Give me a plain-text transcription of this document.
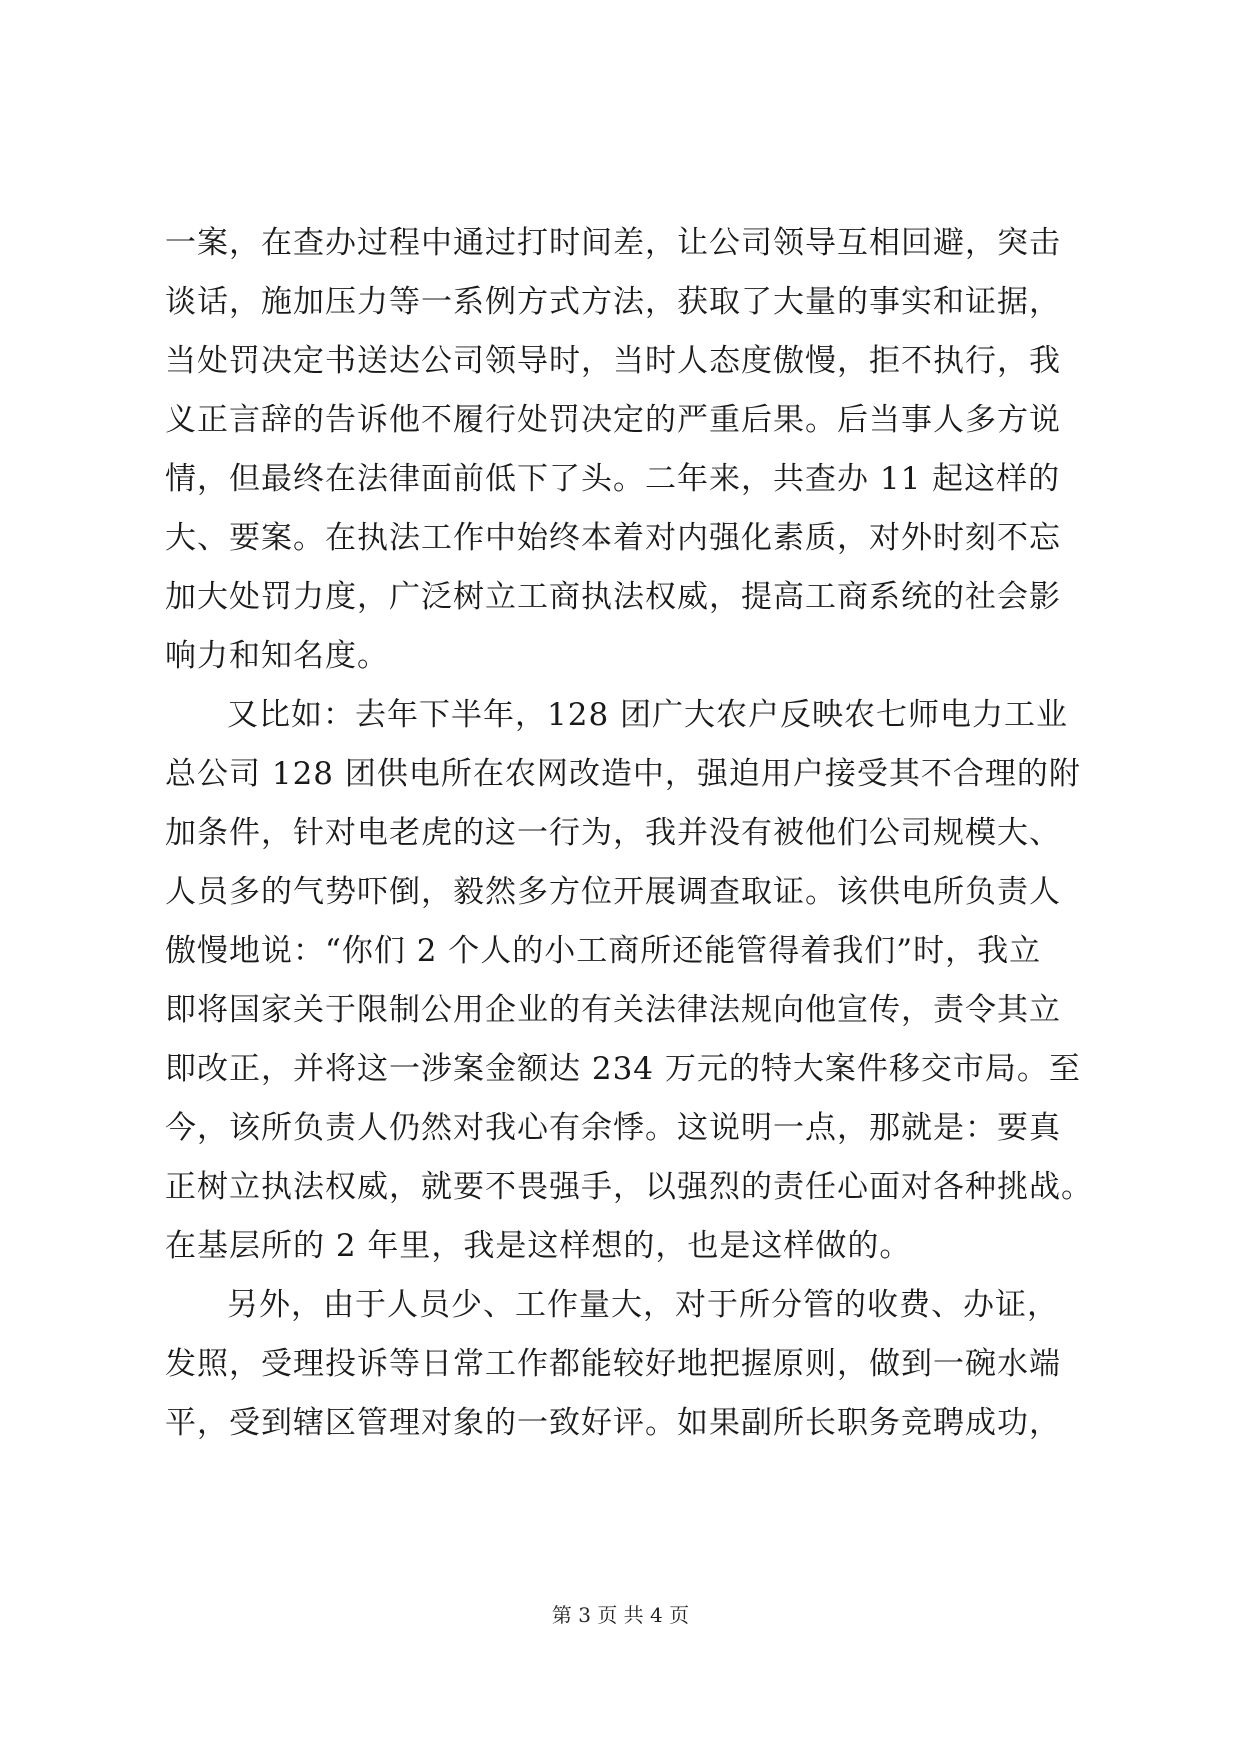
一案，在查办过程中通过打时间差，让公司领导互相回避，突击
谈话，施加压力等一系例方式方法，获取了大量的事实和证据，
当处罚决定书送达公司领导时，当时人态度傲慢，拒不执行，我
义正言辞的告诉他不履行处罚决定的严重后果。后当事人多方说
情，但最终在法律面前低下了头。二年来，共查办 11 起这样的
大、要案。在执法工作中始终本着对内强化素质，对外时刻不忘
加大处罚力度，广泛树立工商执法权威，提高工商系统的社会影
响力和知名度。
又比如：去年下半年，128 团广大农户反映农七师电力工业
总公司 128 团供电所在农网改造中，强迫用户接受其不合理的附
加条件，针对电老虎的这一行为，我并没有被他们公司规模大、
人员多的气势吓倒，毅然多方位开展调查取证。该供电所负责人
傲慢地说：“你们 2 个人的小工商所还能管得着我们”时，我立
即将国家关于限制公用企业的有关法律法规向他宣传，责令其立
即改正，并将这一涉案金额达 234 万元的特大案件移交市局。至
今，该所负责人仍然对我心有余悸。这说明一点，那就是：要真
正树立执法权威，就要不畏强手，以强烈的责任心面对各种挑战。
在基层所的 2 年里，我是这样想的，也是这样做的。
另外，由于人员少、工作量大，对于所分管的收费、办证，
发照，受理投诉等日常工作都能较好地把握原则，做到一碗水端
平，受到辖区管理对象的一致好评。如果副所长职务竞聘成功，
第 3 页 共 4 页
